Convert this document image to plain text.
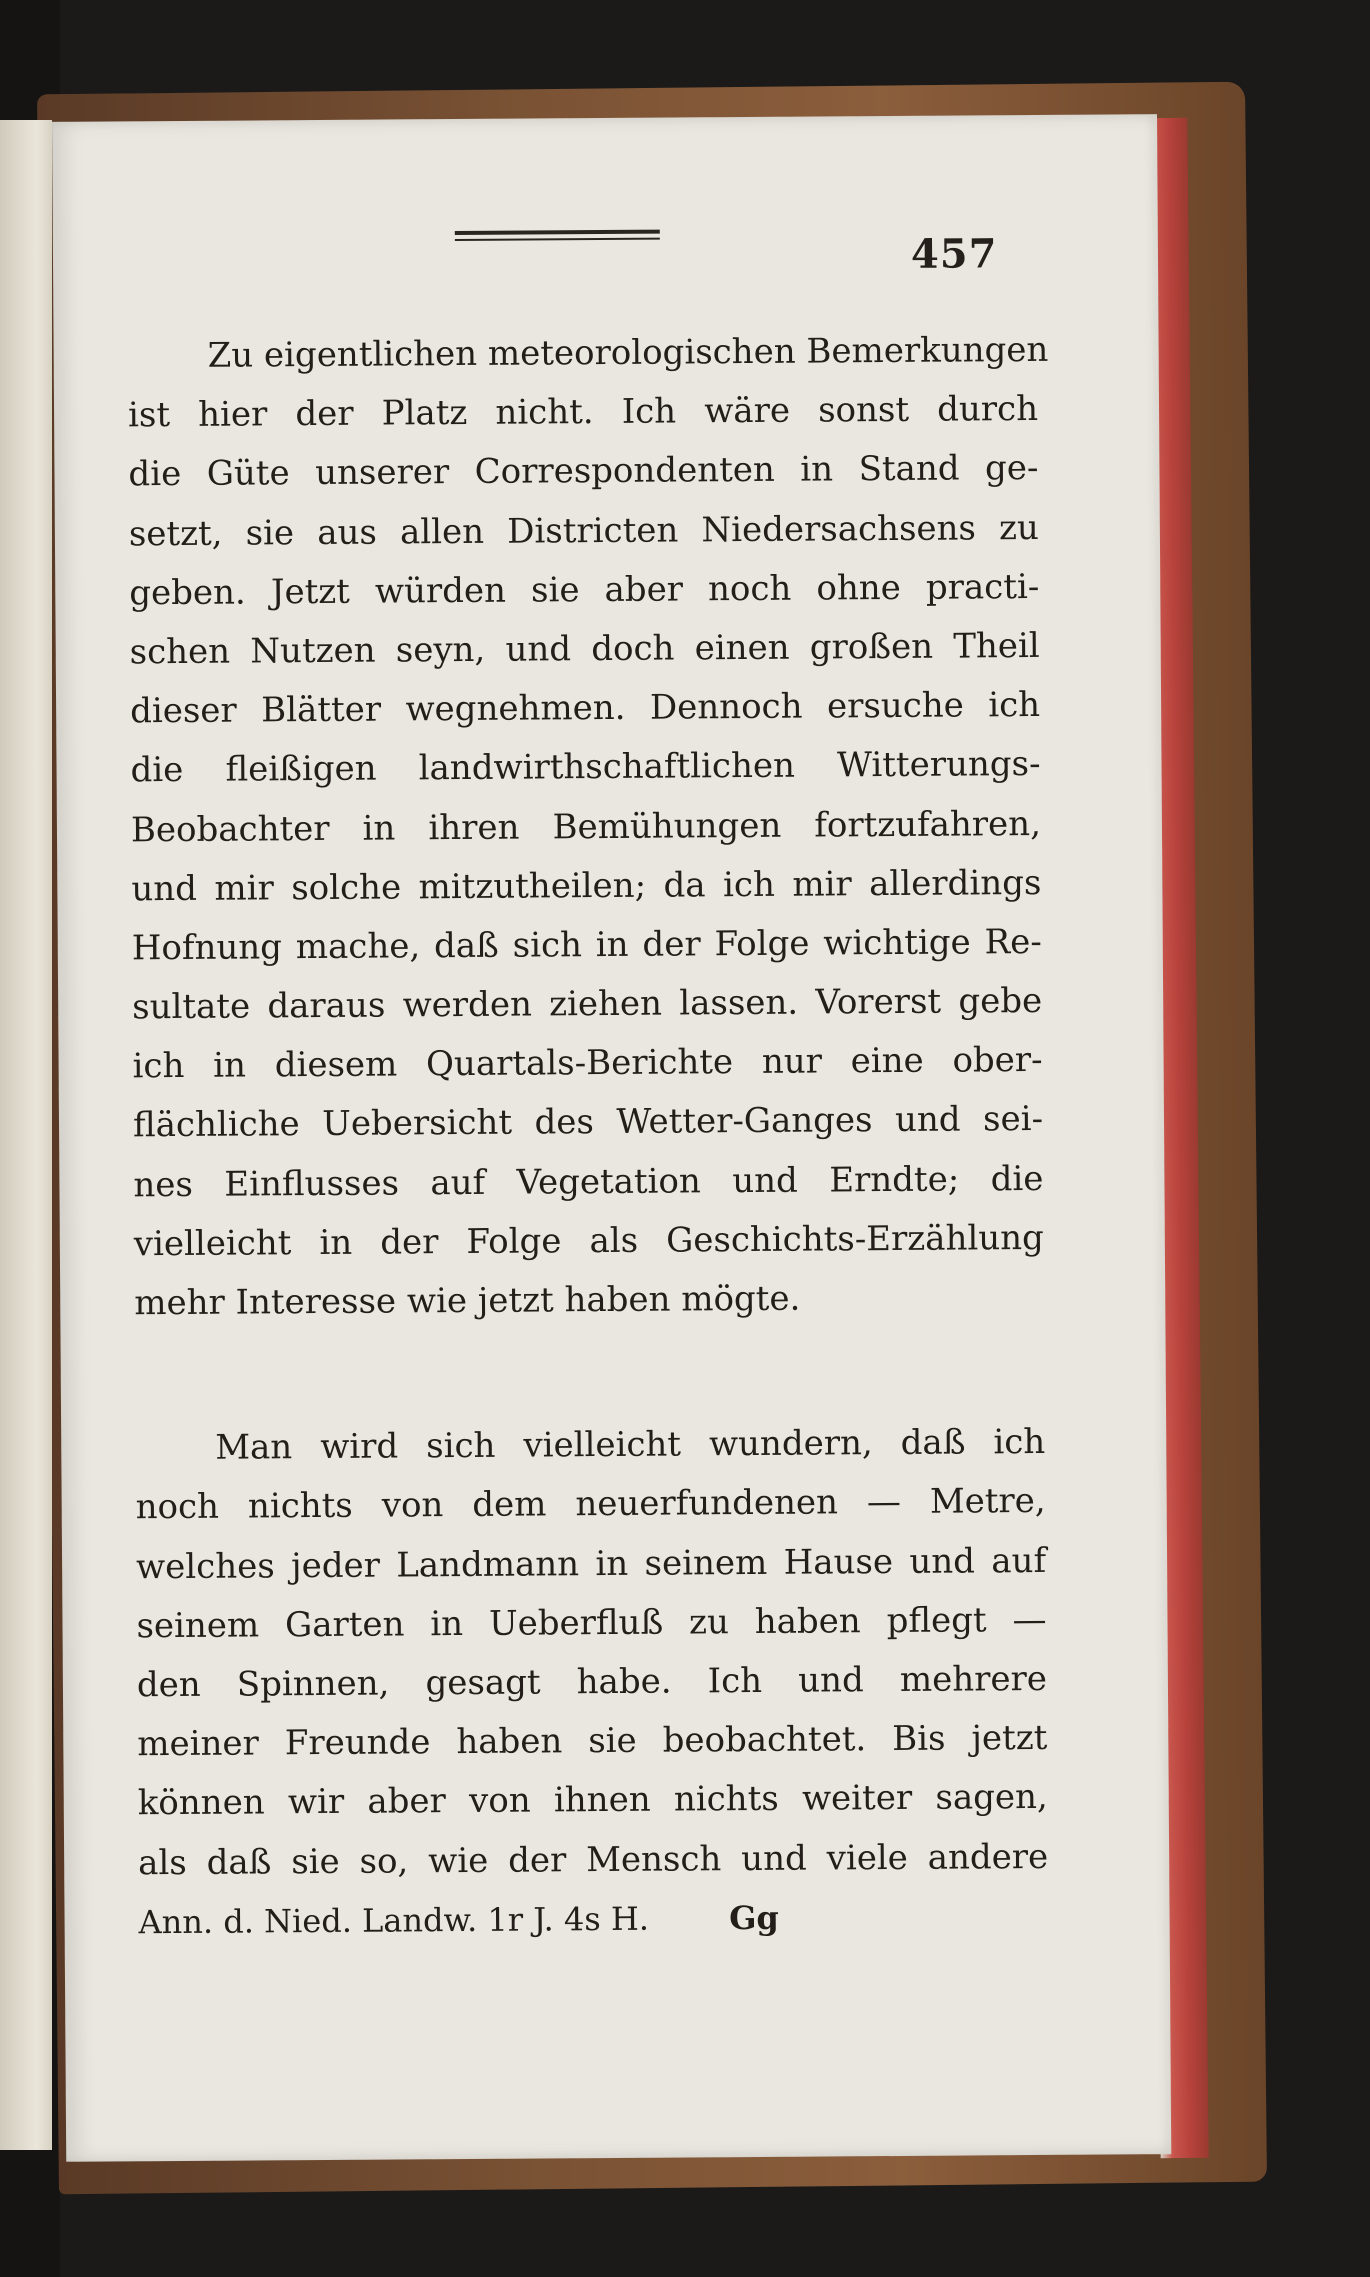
457
Zu eigentlichen meteorologischen Bemerkungen
ist hier der Platz nicht. Ich wäre sonst durch
die Güte unserer Correspondenten in Stand ge-
setzt, sie aus allen Districten Niedersachsens zu
geben. Jetzt würden sie aber noch ohne practi-
schen Nutzen seyn, und doch einen großen Theil
dieser Blätter wegnehmen. Dennoch ersuche ich
die fleißigen landwirthschaftlichen Witterungs-
Beobachter in ihren Bemühungen fortzufahren,
und mir solche mitzutheilen; da ich mir allerdings
Hofnung mache, daß sich in der Folge wichtige Re-
sultate daraus werden ziehen lassen. Vorerst gebe
ich in diesem Quartals-Berichte nur eine ober-
flächliche Uebersicht des Wetter-Ganges und sei-
nes Einflusses auf Vegetation und Erndte; die
vielleicht in der Folge als Geschichts-Erzählung
mehr Interesse wie jetzt haben mögte.
Man wird sich vielleicht wundern, daß ich
noch nichts von dem neuerfundenen — Metre,
welches jeder Landmann in seinem Hause und auf
seinem Garten in Ueberfluß zu haben pflegt —
den Spinnen, gesagt habe. Ich und mehrere
meiner Freunde haben sie beobachtet. Bis jetzt
können wir aber von ihnen nichts weiter sagen,
als daß sie so, wie der Mensch und viele andere
Ann. d. Nied. Landw. 1r J. 4s H. Gg
